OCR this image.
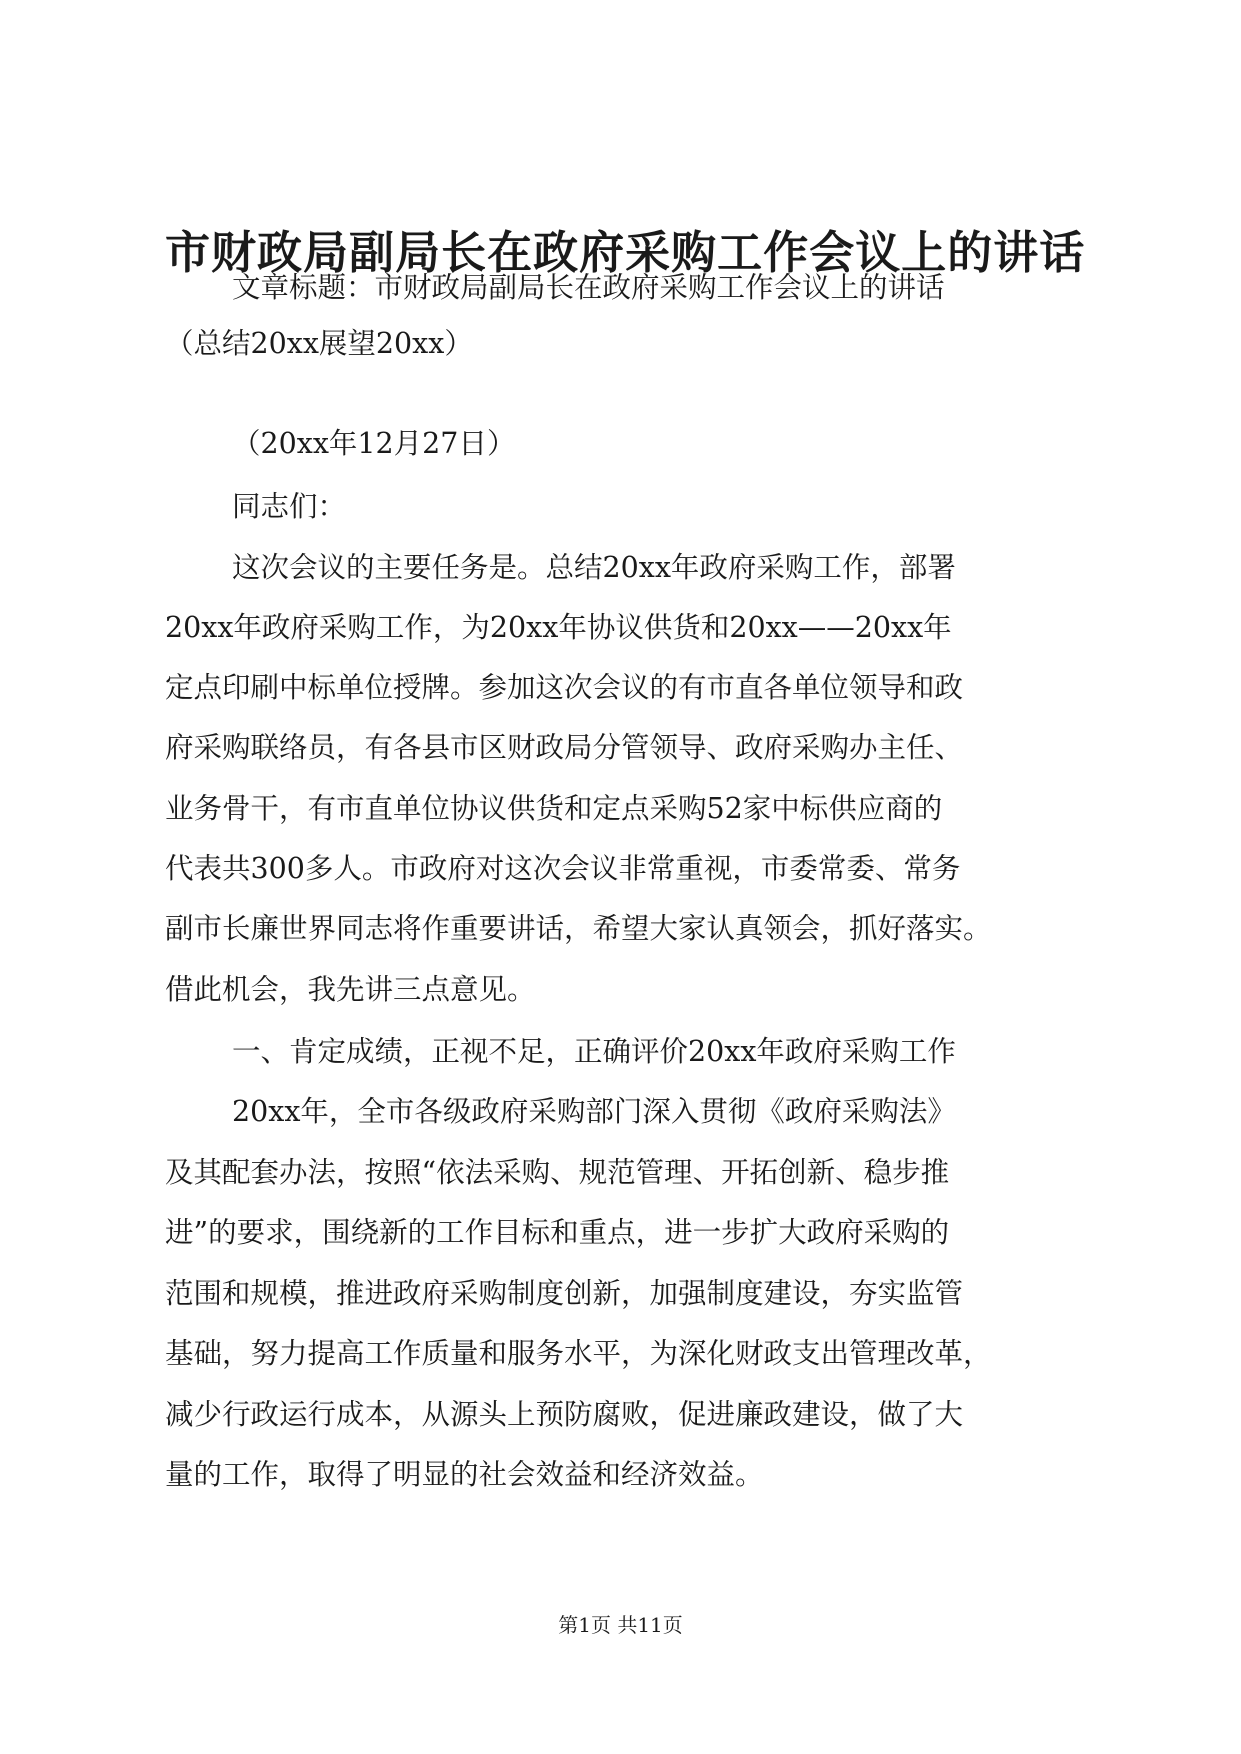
市财政局副局长在政府采购工作会议上的讲话

文章标题：市财政局副局长在政府采购工作会议上的讲话

（总结20xx展望20xx）

（20xx年12月27日）

同志们：

这次会议的主要任务是。总结20xx年政府采购工作，部署

20xx年政府采购工作，为20xx年协议供货和20xx——20xx年

定点印刷中标单位授牌。参加这次会议的有市直各单位领导和政

府采购联络员，有各县市区财政局分管领导、政府采购办主任、

业务骨干，有市直单位协议供货和定点采购52家中标供应商的

代表共300多人。市政府对这次会议非常重视，市委常委、常务

副市长廉世界同志将作重要讲话，希望大家认真领会，抓好落实。

借此机会，我先讲三点意见。

一、肯定成绩，正视不足，正确评价20xx年政府采购工作

20xx年，全市各级政府采购部门深入贯彻《政府采购法》

及其配套办法，按照“依法采购、规范管理、开拓创新、稳步推

进”的要求，围绕新的工作目标和重点，进一步扩大政府采购的

范围和规模，推进政府采购制度创新，加强制度建设，夯实监管

基础，努力提高工作质量和服务水平，为深化财政支出管理改革，

减少行政运行成本，从源头上预防腐败，促进廉政建设，做了大

量的工作，取得了明显的社会效益和经济效益。

第1页 共11页
